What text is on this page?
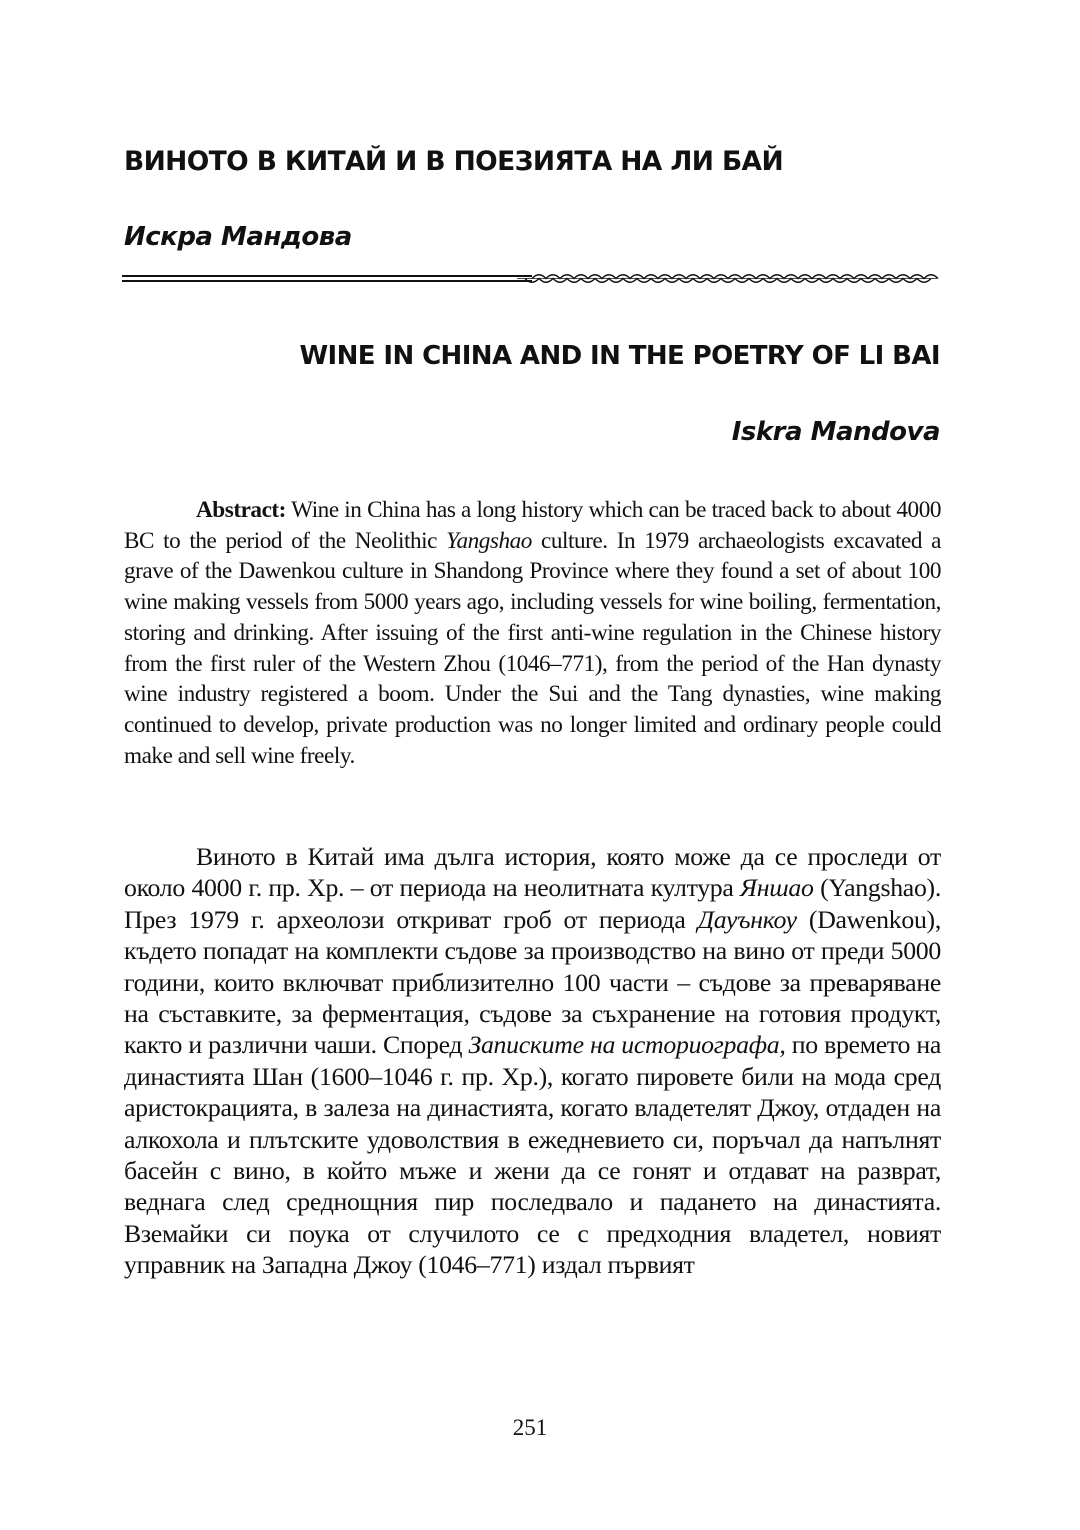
ВИНОТО В КИТАЙ И В ПОЕЗИЯТА НА ЛИ БАЙ
Искра Мандова
WINE IN CHINA AND IN THE POETRY OF LI BAI
Iskra Mandova

Abstract: Wine in China has a long history which can be traced back to about 4000 BC to the period of the Neolithic Yangshao culture. In 1979 archaeologists excavated a grave of the Dawenkou culture in Shandong Province where they found a set of about 100 wine making vessels from 5000 years ago, including vessels for wine boiling, fermentation, storing and drinking. After issuing of the first anti-wine regulation in the Chinese history from the first ruler of the Western Zhou (1046–771), from the period of the Han dynasty wine industry registered a boom. Under the Sui and the Tang dynasties, wine making continued to develop, private production was no longer limited and ordinary people could make and sell wine freely.

Виното в Китай има дълга история, която може да се проследи от около 4000 г. пр. Хр. – от периода на неолитната култура Яншао (Yangshao). През 1979 г. археолози откриват гроб от периода Дауънкоу (Dawenkou), където попадат на комплекти съдове за производство на вино от преди 5000 години, които включват приблизително 100 части – съдове за преваряване на съставките, за ферментация, съдове за съхранение на готовия продукт, както и различни чаши. Според Записките на историографа, по времето на династията Шан (1600–1046 г. пр. Хр.), когато пировете били на мода сред аристокрацията, в залеза на династията, когато владетелят Джоу, отдаден на алкохола и плътските удоволствия в ежедневието си, поръчал да напълнят басейн с вино, в който мъже и жени да се гонят и отдават на разврат, веднага след среднощния пир последвало и падането на династията. Вземайки си поука от случилото се с предходния владетел, новият управник на Западна Джоу (1046–771) издал първият

251
